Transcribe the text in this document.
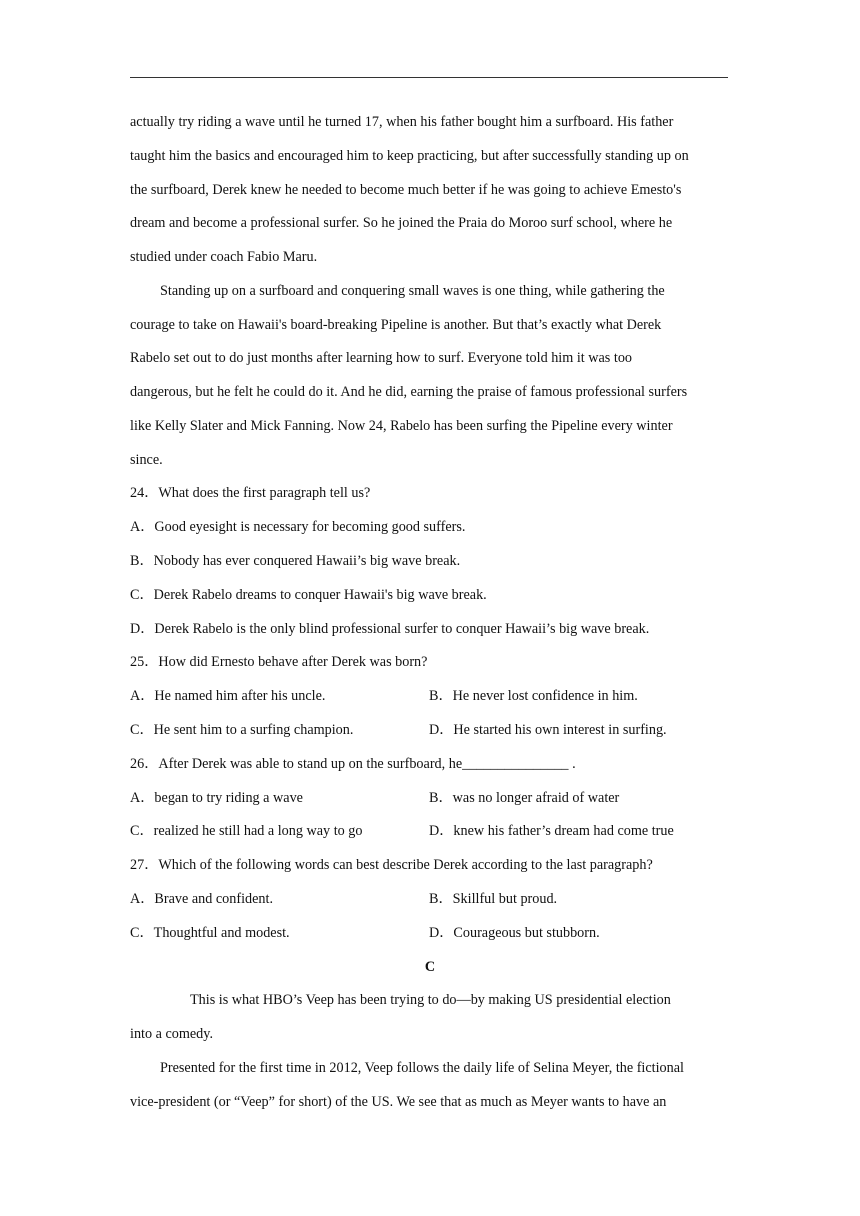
actually try riding a wave until he turned 17, when his father bought him a surfboard. His father
taught him the basics and encouraged him to keep practicing, but after successfully standing up on
the surfboard, Derek knew he needed to become much better if he was going to achieve Emesto's
dream and become a professional surfer. So he joined the Praia do Moroo surf school, where he
studied under coach Fabio Maru.
Standing up on a surfboard and conquering small waves is one thing, while gathering the
courage to take on Hawaii's board-breaking Pipeline is another. But that’s exactly what Derek
Rabelo set out to do just months after learning how to surf. Everyone told him it was too
dangerous, but he felt he could do it. And he did, earning the praise of famous professional surfers
like Kelly Slater and Mick Fanning. Now 24, Rabelo has been surfing the Pipeline every winter
since.
24．What does the first paragraph tell us?
A．Good eyesight is necessary for becoming good suffers.
B．Nobody has ever conquered Hawaii’s big wave break.
C．Derek Rabelo dreams to conquer Hawaii's big wave break.
D．Derek Rabelo is the only blind professional surfer to conquer Hawaii’s big wave break.
25．How did Ernesto behave after Derek was born?
A．He named him after his uncle.	B．He never lost confidence in him.
C．He sent him to a surfing champion.	D．He started his own interest in surfing.
26．After Derek was able to stand up on the surfboard, he_______________ .
A．began to try riding a wave	B．was no longer afraid of water
C．realized he still had a long way to go	D．knew his father’s dream had come true
27．Which of the following words can best describe Derek according to the last paragraph?
A．Brave and confident.	B．Skillful but proud.
C．Thoughtful and modest.	D．Courageous but stubborn.
C
This is what HBO’s Veep has been trying to do—by making US presidential election
into a comedy.
Presented for the first time in 2012, Veep follows the daily life of Selina Meyer, the fictional
vice-president (or “Veep” for short) of the US. We see that as much as Meyer wants to have an
